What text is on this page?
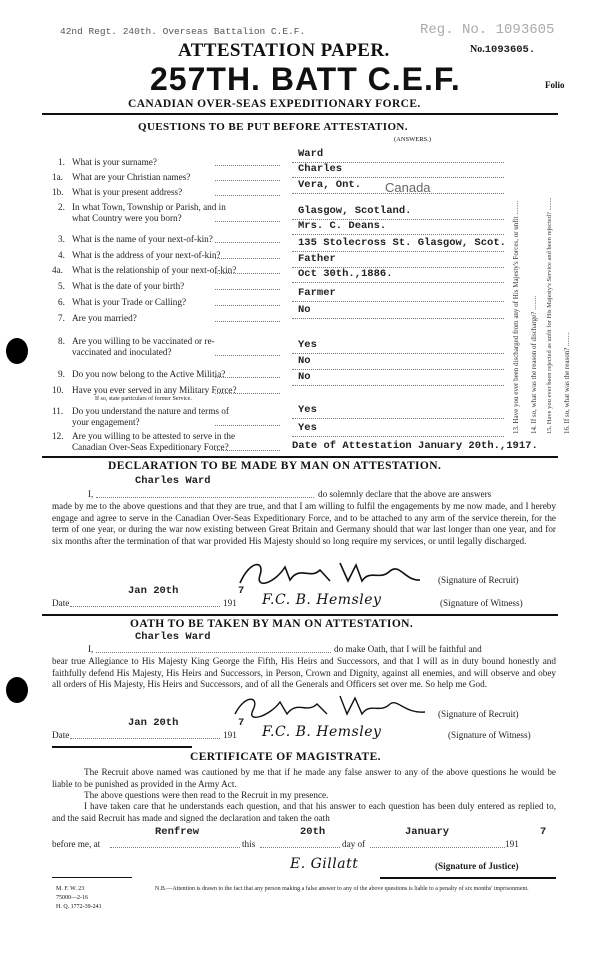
42nd Regt. 240th. Overseas Battalion C.E.F.	Reg. No. 1093605
ATTESTATION PAPER.	No.1093605.
257TH. BATT C.E.F.	Folio
CANADIAN OVER-SEAS EXPEDITIONARY FORCE.
QUESTIONS TO BE PUT BEFORE ATTESTATION.
(ANSWERS.)
1. What is your surname?
Ward
1a. What are your Christian names?
Charles
1b. What is your present address?
Vera, Ont.
2. In what Town, Township or Parish, and in
what Country were you born?
Glasgow, Scotland.
3. What is the name of your next-of-kin?
Mrs. C. Deans.
4. What is the address of your next-of-kin?
135 Stolecross St. Glasgow, Scot.
4a. What is the relationship of your next-of-kin?
Father
5. What is the date of your birth?
Oct 30th.,1886.
6. What is your Trade or Calling?
Farmer
7. Are you married?
No
8. Are you willing to be vaccinated or re-
vaccinated and inoculated?
Yes
9. Do you now belong to the Active Militia?
No
10. Have you ever served in any Military Force?
If so, state particulars of former Service.
No
11. Do you understand the nature and terms of
your engagement?
Yes
12. Are you willing to be attested to serve in the
Canadian Over-Seas Expeditionary Force?
Yes
Canada
Date of Attestation January 20th.,1917.
13. Have you ever been discharged from any of His Majesty's Forces, or unfit ........ 14. If so, what was the reason of discharge? ........ 15. Have you ever been rejected as unfit for His Majesty's Service and been rejected? ........ 16. If so, what was the reason? ........
DECLARATION TO BE MADE BY MAN ON ATTESTATION.
Charles Ward
I,	do solemnly declare that the above are answers
made by me to the above questions and that they are true, and that I am willing to fulfil the engagements by me now made, and I hereby engage and agree to serve in the Canadian Over-Seas Expeditionary Force, and to be attached to any arm of the service therein, for the term of one year, or during the war now existing between Great Britain and Germany should that war last longer than one year, and for six months after the termination of that war provided His Majesty should so long require my services, or until legally discharged.
(Signature of Recruit)
Date
Jan 20th
191
7
F.C. B. Hemsley	(Signature of Witness)
OATH TO BE TAKEN BY MAN ON ATTESTATION.
Charles Ward
I,	do make Oath, that I will be faithful and
bear true Allegiance to His Majesty King George the Fifth, His Heirs and Successors, and that I will as in duty bound honestly and faithfully defend His Majesty, His Heirs and Successors, in Person, Crown and Dignity, against all enemies, and will observe and obey all orders of His Majesty, His Heirs and Successors, and of all the Generals and Officers set over me. So help me God.
(Signature of Recruit)
Date
Jan 20th
191
7
F.C. B. Hemsley	(Signature of Witness)
CERTIFICATE OF MAGISTRATE.
The Recruit above named was cautioned by me that if he made any false answer to any of the above questions he would be liable to be punished as provided in the Army Act.
The above questions were then read to the Recruit in my presence.
I have taken care that he understands each question, and that his answer to each question has been duly entered as replied to, and the said Recruit has made and signed the declaration and taken the oath
Renfrew	20th	January	7
before me, at	this	day of	191
E. Gillatt	(Signature of Justice)
M. F. W. 23
75000—2-16
H. Q. 1772-39-241
N.B.—Attention is drawn to the fact that any person making a false answer to any of the above questions is liable to a penalty of six months' imprisonment.
